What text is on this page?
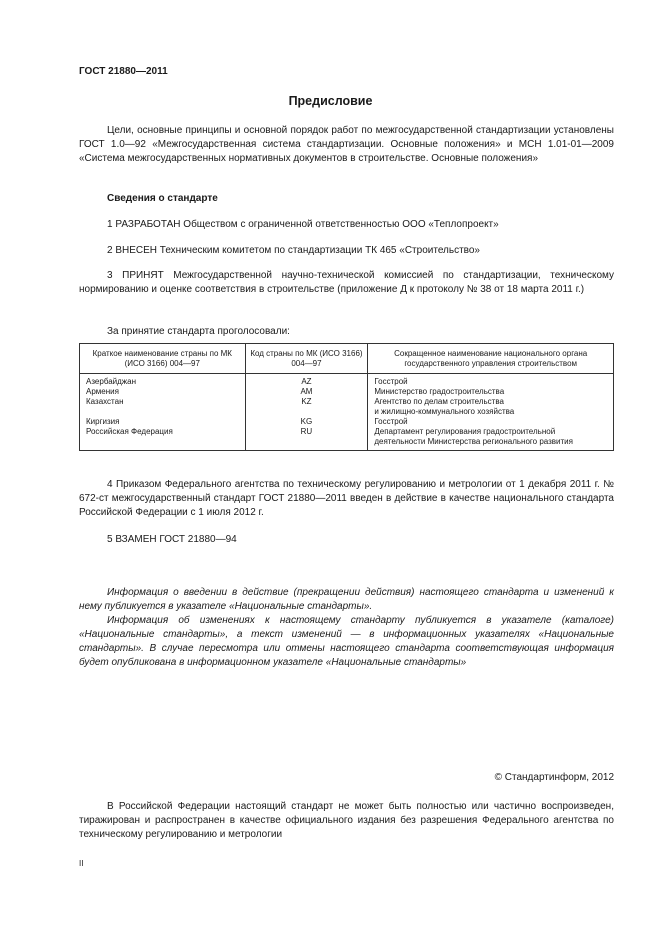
ГОСТ 21880—2011
Предисловие

Цели, основные принципы и основной порядок работ по межгосударственной стандартизации установлены ГОСТ 1.0—92 «Межгосударственная система стандартизации. Основные положения» и МСН 1.01-01—2009 «Система межгосударственных нормативных документов в строительстве. Основные положения»

Сведения о стандарте
1 РАЗРАБОТАН Обществом с ограниченной ответственностью ООО «Теплопроект»
2 ВНЕСЕН Техническим комитетом по стандартизации ТК 465 «Строительство»

3 ПРИНЯТ Межгосударственной научно-технической комиссией по стандартизации, техническому нормированию и оценке соответствия в строительстве (приложение Д к протоколу № 38 от 18 марта 2011 г.)

За принятие стандарта проголосовали:
Краткое наименование страны по МК (ИСО 3166) 004—97	Код страны по МК (ИСО 3166) 004—97	Сокращенное наименование национального органа государственного управления строительством
Азербайджан	AZ	Госстрой
Армения	AM	Министерство градостроительства
Казахстан	KZ	Агентство по делам строительства
		и жилищно-коммунального хозяйства
Киргизия	KG	Госстрой
Российская Федерация	RU	Департамент регулирования градостроительной
		деятельности Министерства регионального развития

4 Приказом Федерального агентства по техническому регулированию и метрологии от 1 декабря 2011 г. № 672-ст межгосударственный стандарт ГОСТ 21880—2011 введен в действие в качестве национального стандарта Российской Федерации с 1 июля 2012 г.

5 ВЗАМЕН ГОСТ 21880—94

Информация о введении в действие (прекращении действия) настоящего стандарта и изменений к нему публикуется в указателе «Национальные стандарты».

Информация об изменениях к настоящему стандарту публикуется в указателе (каталоге) «Национальные стандарты», а текст изменений — в информационных указателях «Национальные стандарты». В случае пересмотра или отмены настоящего стандарта соответствующая информация будет опубликована в информационном указателе «Национальные стандарты»

© Стандартинформ, 2012

В Российской Федерации настоящий стандарт не может быть полностью или частично воспроизведен, тиражирован и распространен в качестве официального издания без разрешения Федерального агентства по техническому регулированию и метрологии

II
